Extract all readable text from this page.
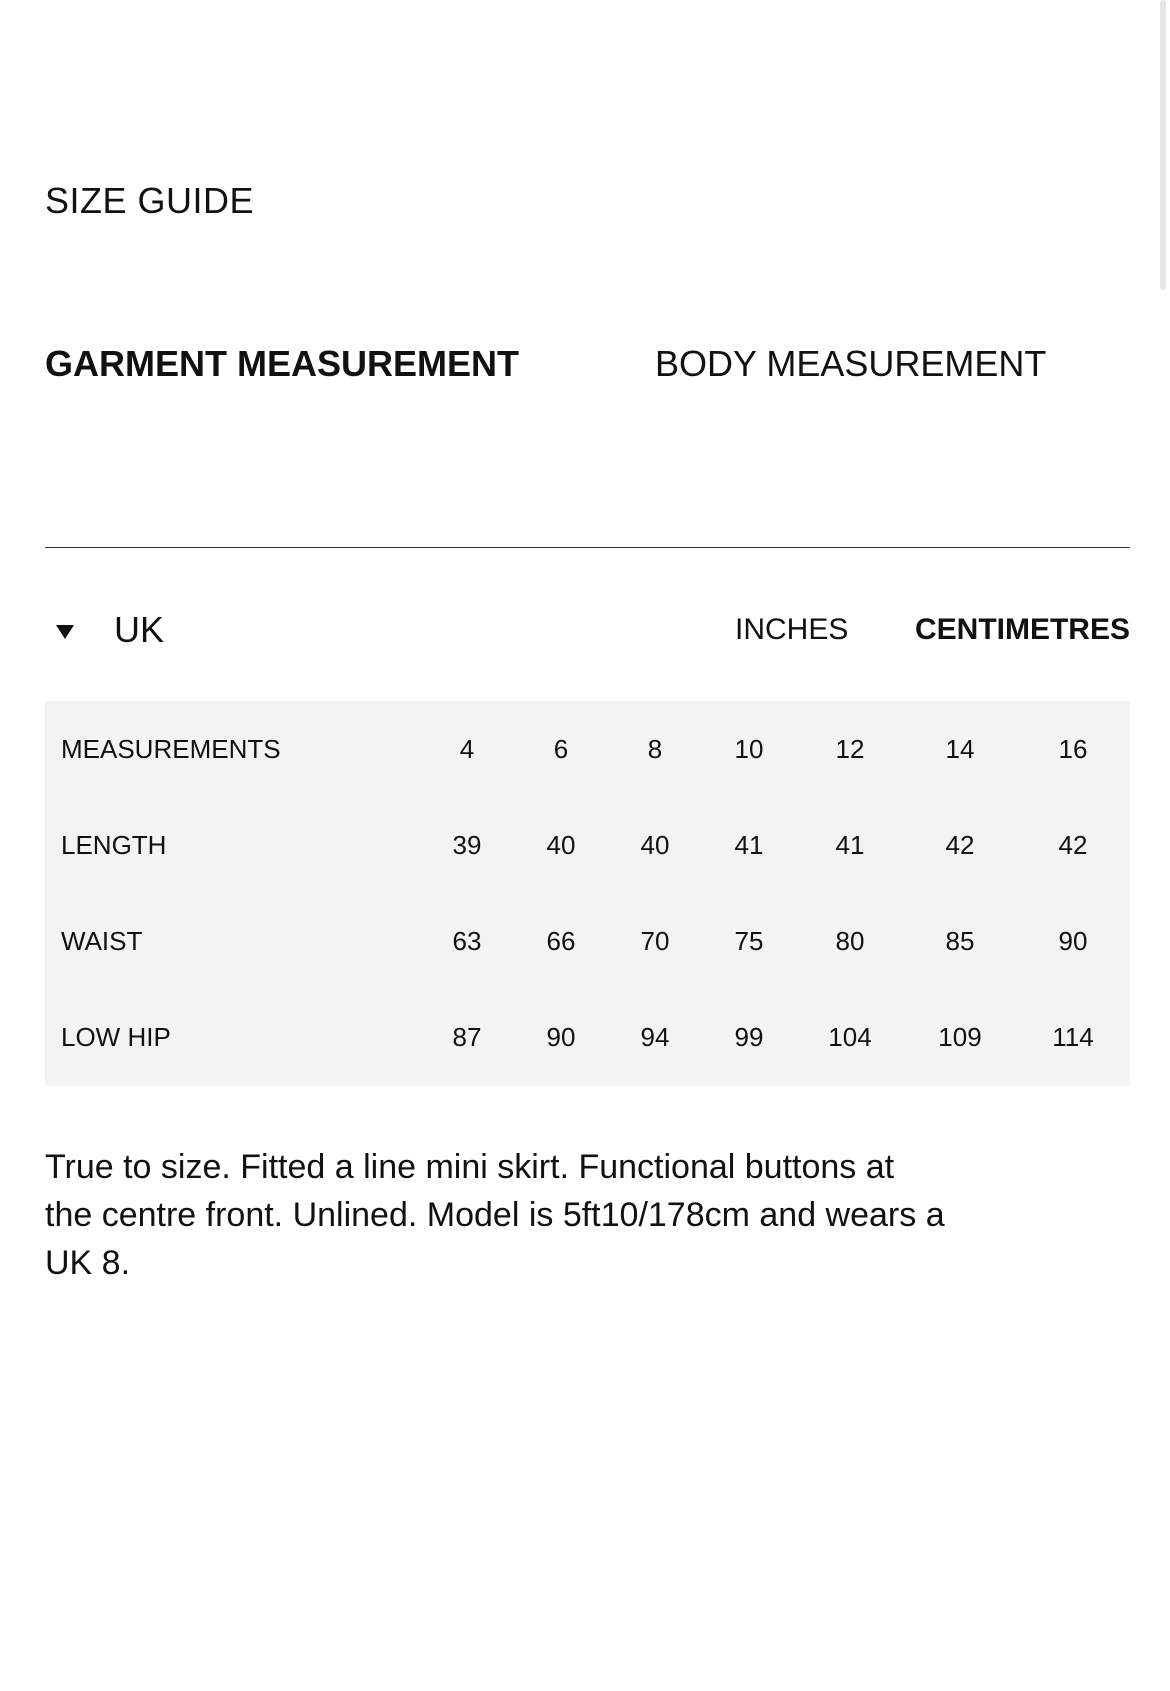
SIZE GUIDE
GARMENT MEASUREMENT	BODY MEASUREMENT
UK	INCHES CENTIMETRES
MEASUREMENTS	4	6	8	10	12	14	16
LENGTH	39	40	40	41	41	42	42
WAIST	63	66	70	75	80	85	90
LOW HIP	87	90	94	99	104	109	114

True to size. Fitted a line mini skirt. Functional buttons at the centre front. Unlined. Model is 5ft10/178cm and wears a UK 8.
